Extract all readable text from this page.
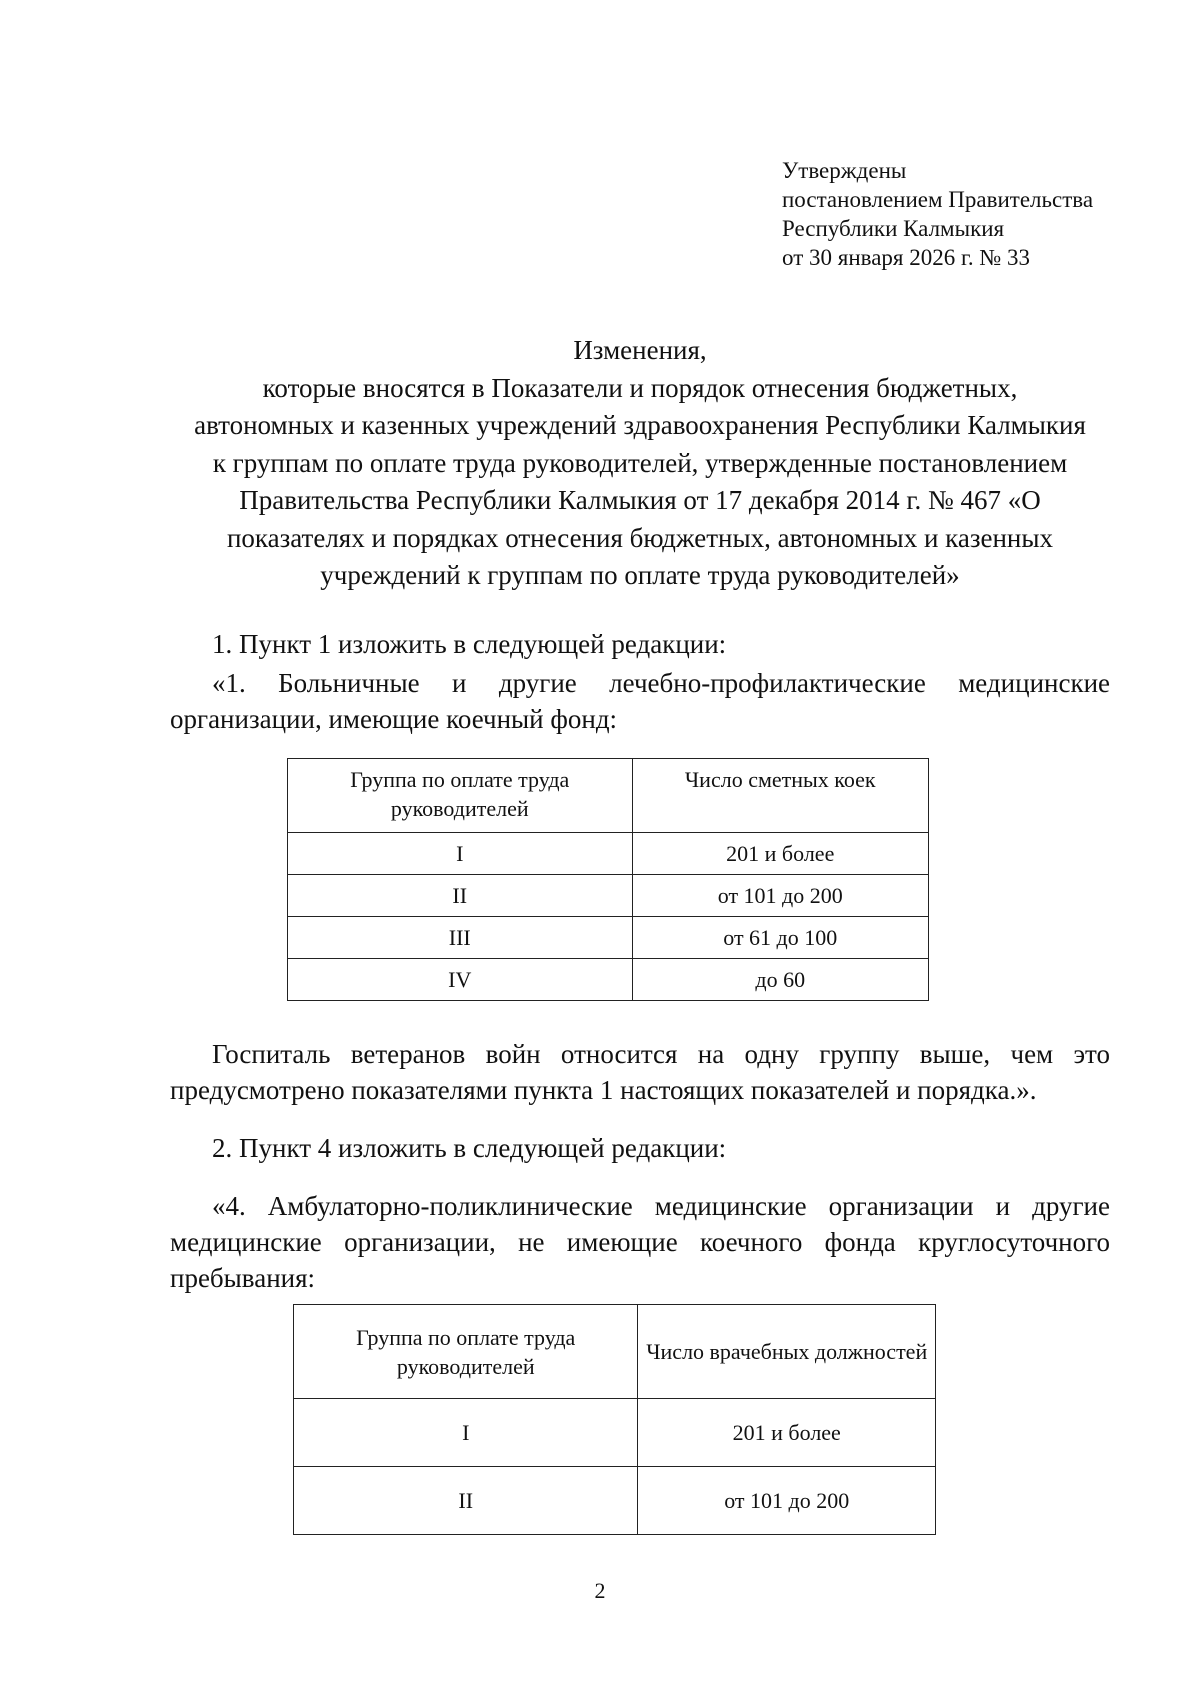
Утверждены
постановлением Правительства
Республики Калмыкия
от 30 января 2026 г. № 33
Изменения,
которые вносятся в Показатели и порядок отнесения бюджетных,
автономных и казенных учреждений здравоохранения Республики Калмыкия
к группам по оплате труда руководителей, утвержденные постановлением
Правительства Республики Калмыкия от 17 декабря 2014 г. № 467 «О
показателях и порядках отнесения бюджетных, автономных и казенных
учреждений к группам по оплате труда руководителей»
1. Пункт 1 изложить в следующей редакции:
«1. Больничные и другие лечебно-профилактические медицинские организации, имеющие коечный фонд:
Группа по оплате труда руководителей	Число сметных коек
I	201 и более
II	от 101 до 200
III	от 61 до 100
IV	до 60
Госпиталь ветеранов войн относится на одну группу выше, чем это предусмотрено показателями пункта 1 настоящих показателей и порядка.».
2. Пункт 4 изложить в следующей редакции:
«4. Амбулаторно-поликлинические медицинские организации и другие медицинские организации, не имеющие коечного фонда круглосуточного пребывания:
Группа по оплате труда руководителей	Число врачебных должностей
I	201 и более
II	от 101 до 200
2
